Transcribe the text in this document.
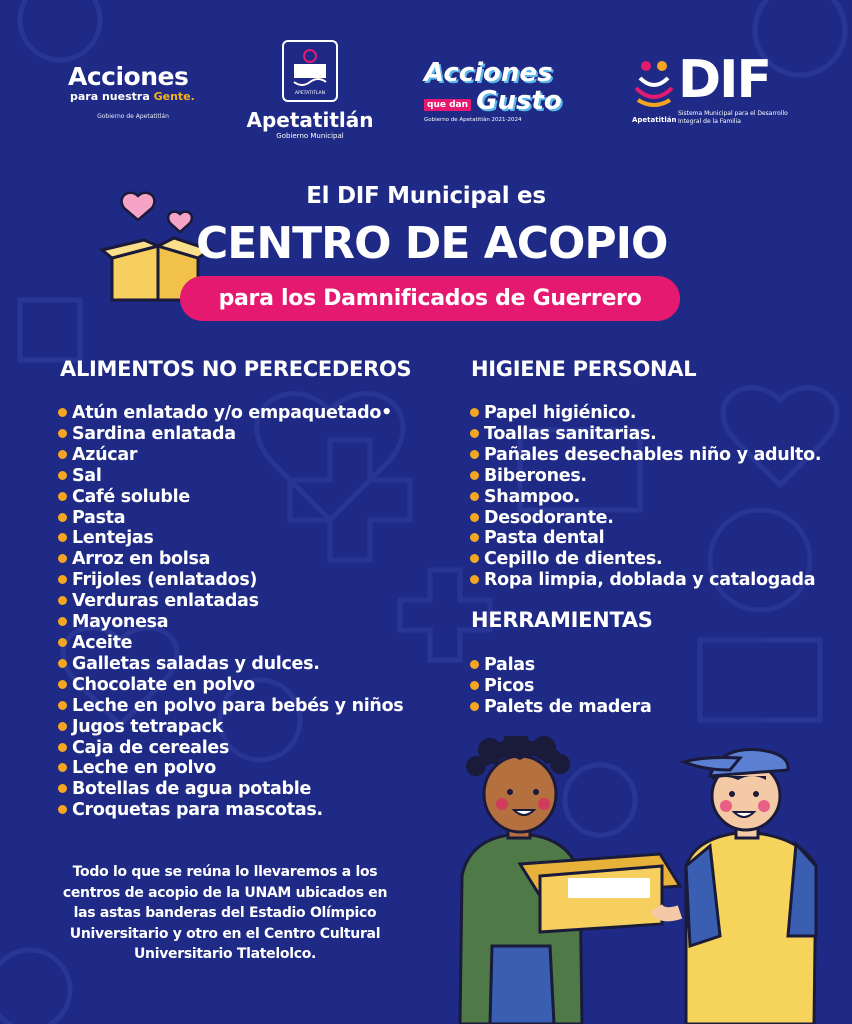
Acciones
para nuestra Gente.
Gobierno de Apetatitlán
APETATITLAN
Apetatitlán
Gobierno Municipal
Acciones
que dan Gusto
Gobierno de Apetatitlán 2021-2024
DIF
Sistema Municipal para el Desarrollo Integral de la Familia
Apetatitlán
El DIF Municipal es
CENTRO DE ACOPIO
para los Damnificados de Guerrero
ALIMENTOS NO PERECEDEROS
Atún enlatado y/o empaquetado•
Sardina enlatada
Azúcar
Sal
Café soluble
Pasta
Lentejas
Arroz en bolsa
Frijoles (enlatados)
Verduras enlatadas
Mayonesa
Aceite
Galletas saladas y dulces.
Chocolate en polvo
Leche en polvo para bebés y niños
Jugos tetrapack
Caja de cereales
Leche en polvo
Botellas de agua potable
Croquetas para mascotas.
HIGIENE PERSONAL
Papel higiénico.
Toallas sanitarias.
Pañales desechables niño y adulto.
Biberones.
Shampoo.
Desodorante.
Pasta dental
Cepillo de dientes.
Ropa limpia, doblada y catalogada
HERRAMIENTAS
Palas
Picos
Palets de madera
Todo lo que se reúna lo llevaremos a los centros de acopio de la UNAM ubicados en las astas banderas del Estadio Olímpico Universitario y otro en el Centro Cultural Universitario Tlatelolco.
